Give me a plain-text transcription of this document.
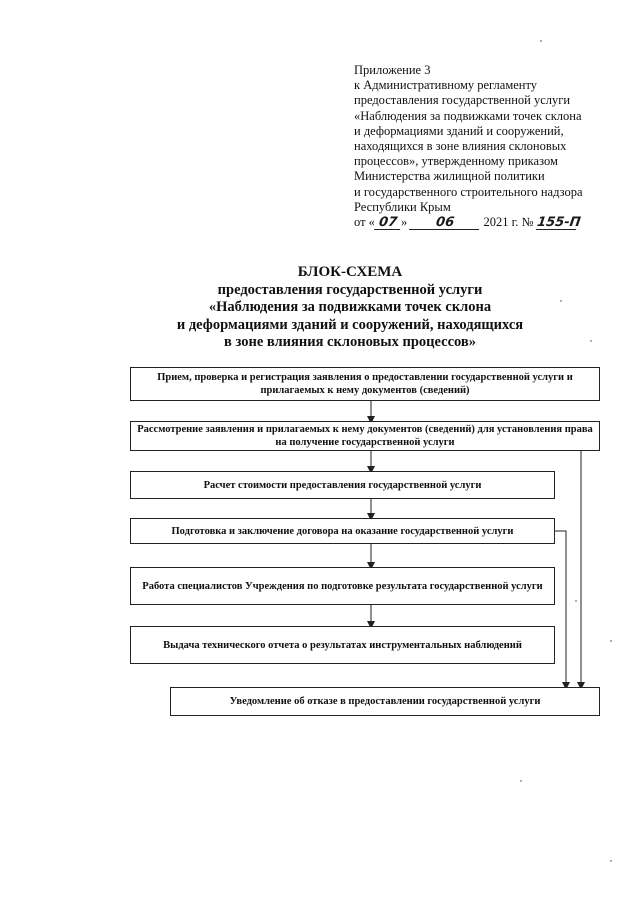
Приложение 3
к Административному регламенту
предоставления государственной услуги
«Наблюдения за подвижками точек склона
и деформациями зданий и сооружений,
находящихся в зоне влияния склоновых
процессов», утвержденному приказом
Министерства жилищной политики
и государственного строительного надзора
Республики Крым
от « 07 » 06 2021 г. № 155-П
БЛОК-СХЕМА
предоставления государственной услуги
«Наблюдения за подвижками точек склона
и деформациями зданий и сооружений, находящихся
в зоне влияния склоновых процессов»
Прием, проверка и регистрация заявления о предоставлении государственной услуги и прилагаемых к нему документов (сведений)
Рассмотрение заявления и прилагаемых к нему документов (сведений) для установления права на получение государственной услуги
Расчет стоимости предоставления государственной услуги
Подготовка и заключение договора на оказание государственной услуги
Работа специалистов Учреждения по подготовке результата государственной услуги
Выдача технического отчета о результатах инструментальных наблюдений
Уведомление об отказе в предоставлении государственной услуги
